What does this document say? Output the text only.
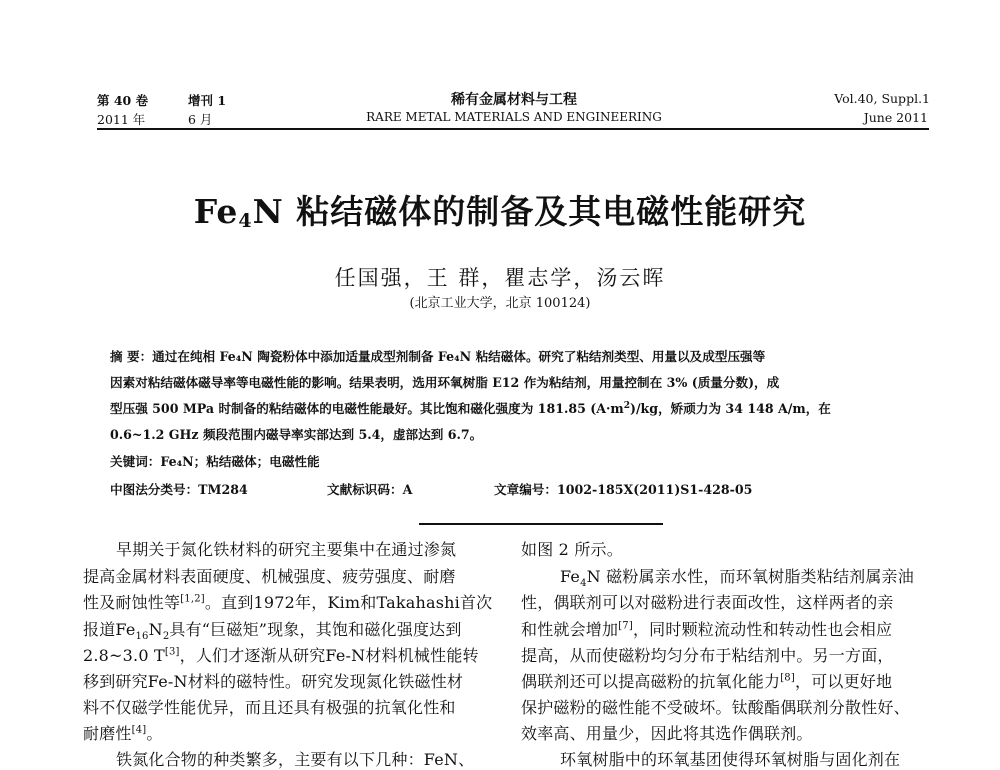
第 40 卷	增刊 1
2011 年	6 月
稀有金属材料与工程
RARE METAL MATERIALS AND ENGINEERING
Vol.40, Suppl.1
June 2011
$Fe_4N$ 粘结磁体的制备及其电磁性能研究
任国强，王 群，瞿志学，汤云晖
(北京工业大学，北京 100124)
摘 要：通过在纯相 Fe₄N 陶瓷粉体中添加适量成型剂制备 Fe₄N 粘结磁体。研究了粘结剂类型、用量以及成型压强等
因素对粘结磁体磁导率等电磁性能的影响。结果表明，选用环氧树脂 E12 作为粘结剂，用量控制在 3% (质量分数)，成
型压强 500 MPa 时制备的粘结磁体的电磁性能最好。其比饱和磁化强度为 181.85 $(A\cdot m^2)/kg$，矫顽力为 34 148 A/m，在
0.6~1.2 GHz 频段范围内磁导率实部达到 5.4，虚部达到 6.7。
关键词：Fe₄N；粘结磁体；电磁性能
中图法分类号：TM284	文献标识码：A	文章编号：1002-185X(2011)S1-428-05
早期关于氮化铁材料的研究主要集中在通过渗氮
提高金属材料表面硬度、机械强度、疲劳强度、耐磨
性及耐蚀性等[1,2]。直到1972年，Kim和Takahashi首次
报道$Fe_{16}N_2$具有“巨磁矩”现象，其饱和磁化强度达到
2.8~3.0 T[3]，人们才逐渐从研究Fe-N材料机械性能转
移到研究Fe-N材料的磁特性。研究发现氮化铁磁性材
料不仅磁学性能优异，而且还具有极强的抗氧化性和
耐磨性[4]。
铁氮化合物的种类繁多，主要有以下几种：FeN、
如图 2 所示。
$Fe_4N$ 磁粉属亲水性，而环氧树脂类粘结剂属亲油
性，偶联剂可以对磁粉进行表面改性，这样两者的亲
和性就会增加[7]，同时颗粒流动性和转动性也会相应
提高，从而使磁粉均匀分布于粘结剂中。另一方面，
偶联剂还可以提高磁粉的抗氧化能力[8]，可以更好地
保护磁粉的磁性能不受破坏。钛酸酯偶联剂分散性好、
效率高、用量少，因此将其选作偶联剂。
环氧树脂中的环氧基团使得环氧树脂与固化剂在
